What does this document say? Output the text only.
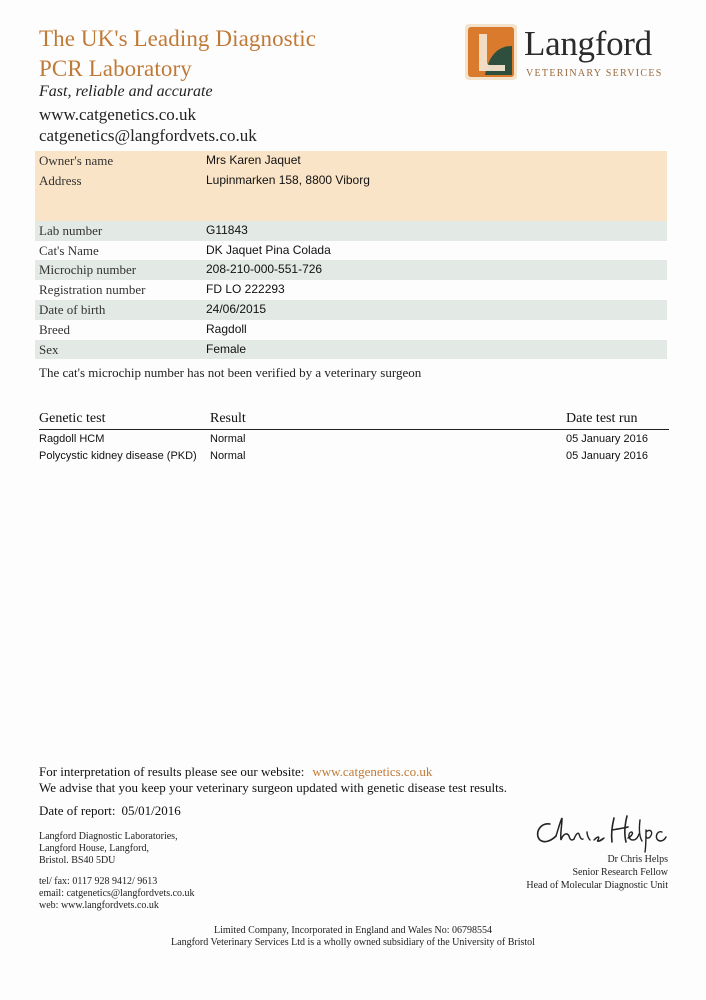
The UK's Leading Diagnostic
PCR Laboratory
Fast, reliable and accurate
www.catgenetics.co.uk
catgenetics@langfordvets.co.uk
Langford
VETERINARY SERVICES
Owner's name	Mrs Karen Jaquet
Address	Lupinmarken 158, 8800 Viborg
Lab number	G11843
Cat's Name	DK Jaquet Pina Colada
Microchip number	208-210-000-551-726
Registration number	FD LO 222293
Date of birth	24/06/2015
Breed	Ragdoll
Sex	Female
The cat's microchip number has not been verified by a veterinary surgeon
Genetic test	Result	Date test run
Ragdoll HCM	Normal	05 January 2016
Polycystic kidney disease (PKD) Normal	05 January 2016
For interpretation of results please see our website: www.catgenetics.co.uk
We advise that you keep your veterinary surgeon updated with genetic disease test results.
Date of report: 05/01/2016
Langford Diagnostic Laboratories,
Langford House, Langford,
Bristol. BS40 5DU
tel/ fax: 0117 928 9412/ 9613
email: catgenetics@langfordvets.co.uk
web: www.langfordvets.co.uk
Dr Chris Helps
Senior Research Fellow
Head of Molecular Diagnostic Unit
Limited Company, Incorporated in England and Wales No: 06798554
Langford Veterinary Services Ltd is a wholly owned subsidiary of the University of Bristol
